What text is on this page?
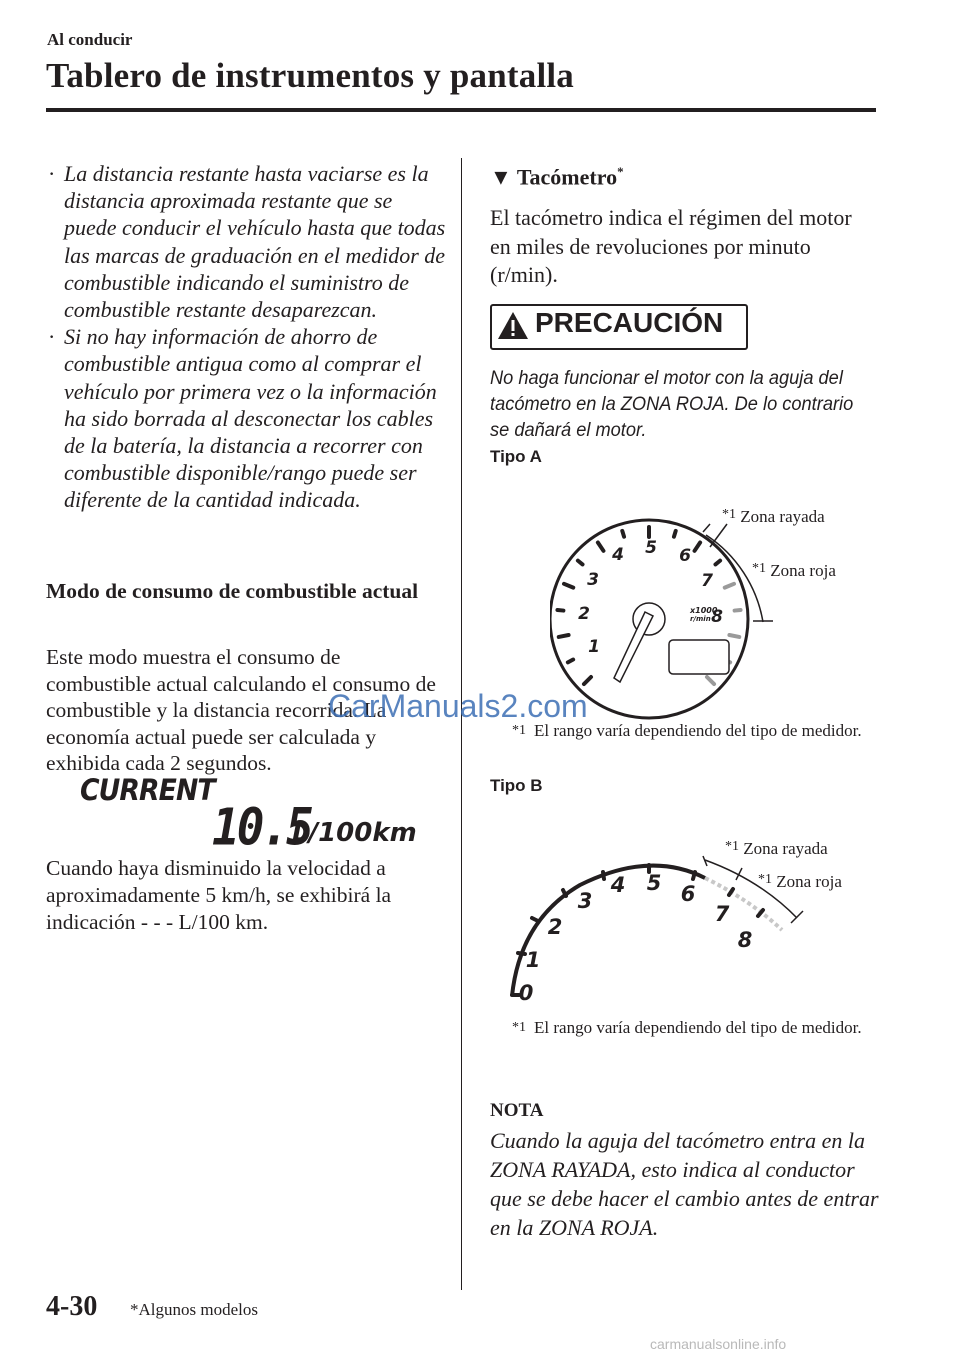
Al conducir
Tablero de instrumentos y pantalla

· La distancia restante hasta vaciarse es la distancia aproximada restante que se puede conducir el vehículo hasta que todas las marcas de graduación en el medidor de combustible indicando el suministro de combustible restante desaparezcan.

· Si no hay información de ahorro de combustible antigua como al comprar el vehículo por primera vez o la información ha sido borrada al desconectar los cables de la batería, la distancia a recorrer con combustible disponible/rango puede ser diferente de la cantidad indicada.

Modo de consumo de combustible actual
Este modo muestra el consumo de combustible actual calculando el consumo de combustible y la distancia recorrida. La economía actual puede ser calculada y exhibida cada 2 segundos.
CURRENT
10.5
L/100km
Cuando haya disminuido la velocidad a aproximadamente 5 km/h, se exhibirá la indicación - - - L/100 km.
▼ Tacómetro*
El tacómetro indica el régimen del motor en miles de revoluciones por minuto (r/min).
PRECAUCIÓN
No haga funcionar el motor con la aguja del tacómetro en la ZONA ROJA. De lo contrario se dañará el motor.
Tipo A
1
2
3
4 5 6
7
8
x1000
r/min
$^{*1}$ Zona rayada
$^{*1}$ Zona roja
*1 El rango varía dependiendo del tipo de medidor.
Tipo B
0
1
2
3
4 5 6
7
8
$^{*1}$ Zona rayada
$^{*1}$ Zona roja
*1 El rango varía dependiendo del tipo de medidor.
NOTA
Cuando la aguja del tacómetro entra en la ZONA RAYADA, esto indica al conductor que se debe hacer el cambio antes de entrar en la ZONA ROJA.
4-30 *Algunos modelos
CarManuals2.com
carmanualsonline.info
